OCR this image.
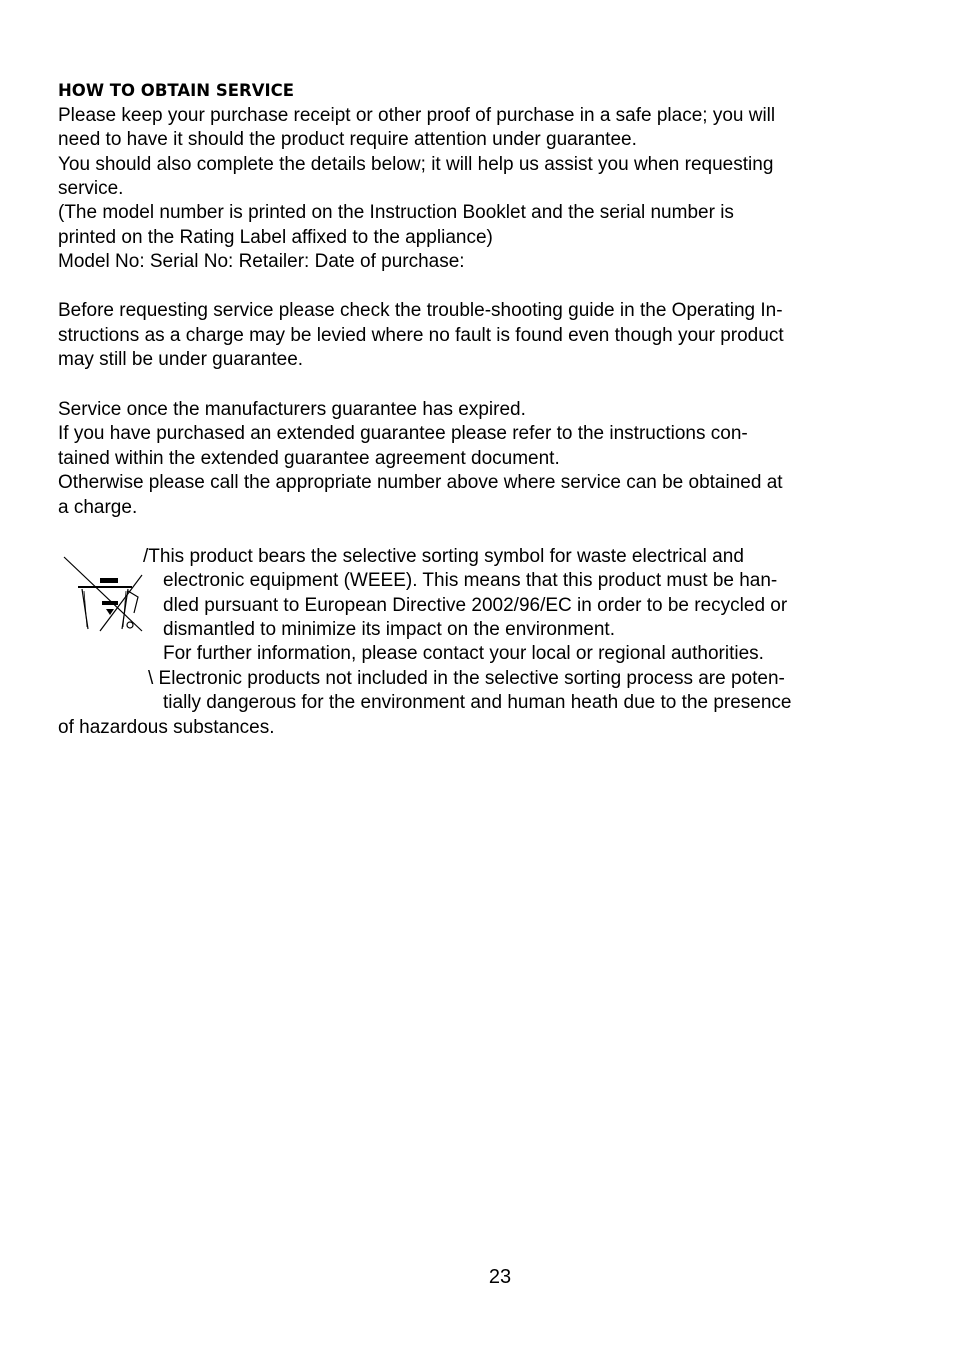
HOW TO OBTAIN SERVICE

Please keep your purchase receipt or other proof of purchase in a safe place; you will

need to have it should the product require attention under guarantee.

You should also complete the details below; it will help us assist you when requesting

service.

(The model number is printed on the Instruction Booklet and the serial number is

printed on the Rating Label affixed to the appliance)

Model No: Serial No: Retailer: Date of purchase:

Before requesting service please check the trouble-shooting guide in the Operating In-

structions as a charge may be levied where no fault is found even though your product

may still be under guarantee.

Service once the manufacturers guarantee has expired.

If you have purchased an extended guarantee please refer to the instructions con-

tained within the extended guarantee agreement document.

Otherwise please call the appropriate number above where service can be obtained at

a charge.

/This product bears the selective sorting symbol for waste electrical and

electronic equipment (WEEE). This means that this product must be han-

dled pursuant to European Directive 2002/96/EC in order to be recycled or

dismantled to minimize its impact on the environment.

For further information, please contact your local or regional authorities.

\ Electronic products not included in the selective sorting process are poten-

tially dangerous for the environment and human heath due to the presence

of hazardous substances.

23
